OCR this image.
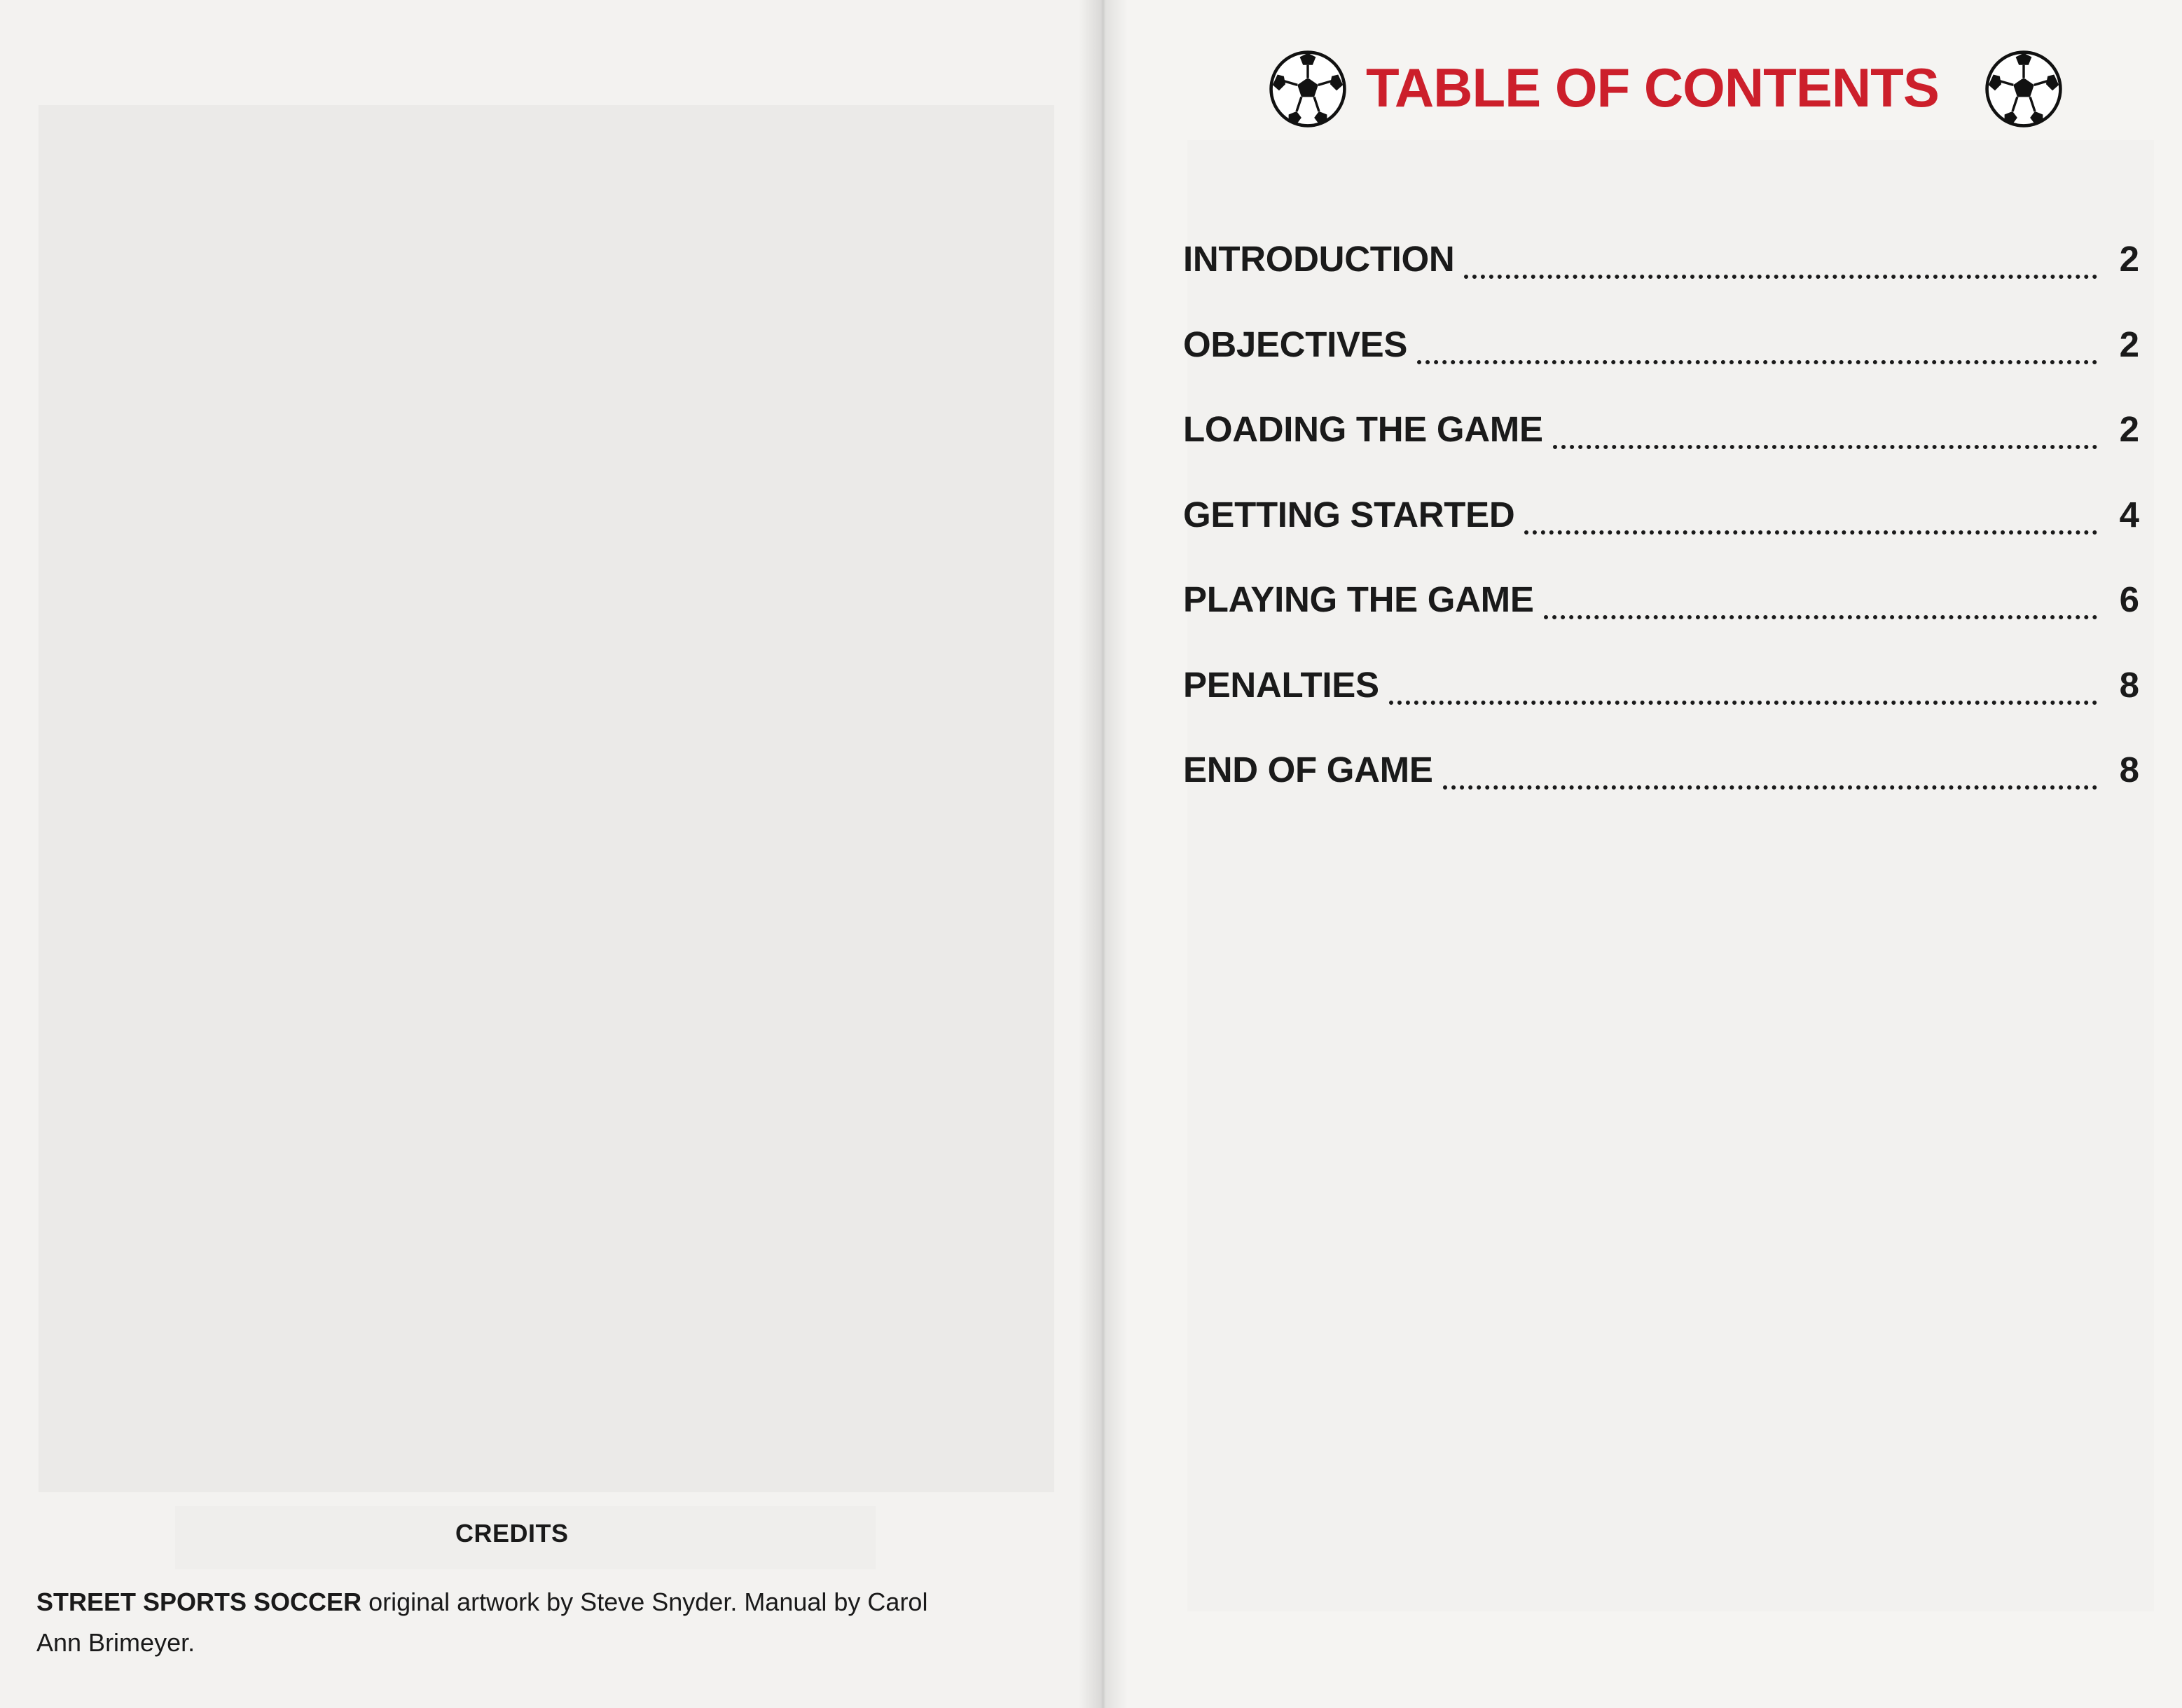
CREDITS
STREET SPORTS SOCCER original artwork by Steve Snyder. Manual by Carol
Ann Brimeyer.
TABLE OF CONTENTS
INTRODUCTION	2
OBJECTIVES	2
LOADING THE GAME	2
GETTING STARTED	4
PLAYING THE GAME	6
PENALTIES	8
END OF GAME	8
